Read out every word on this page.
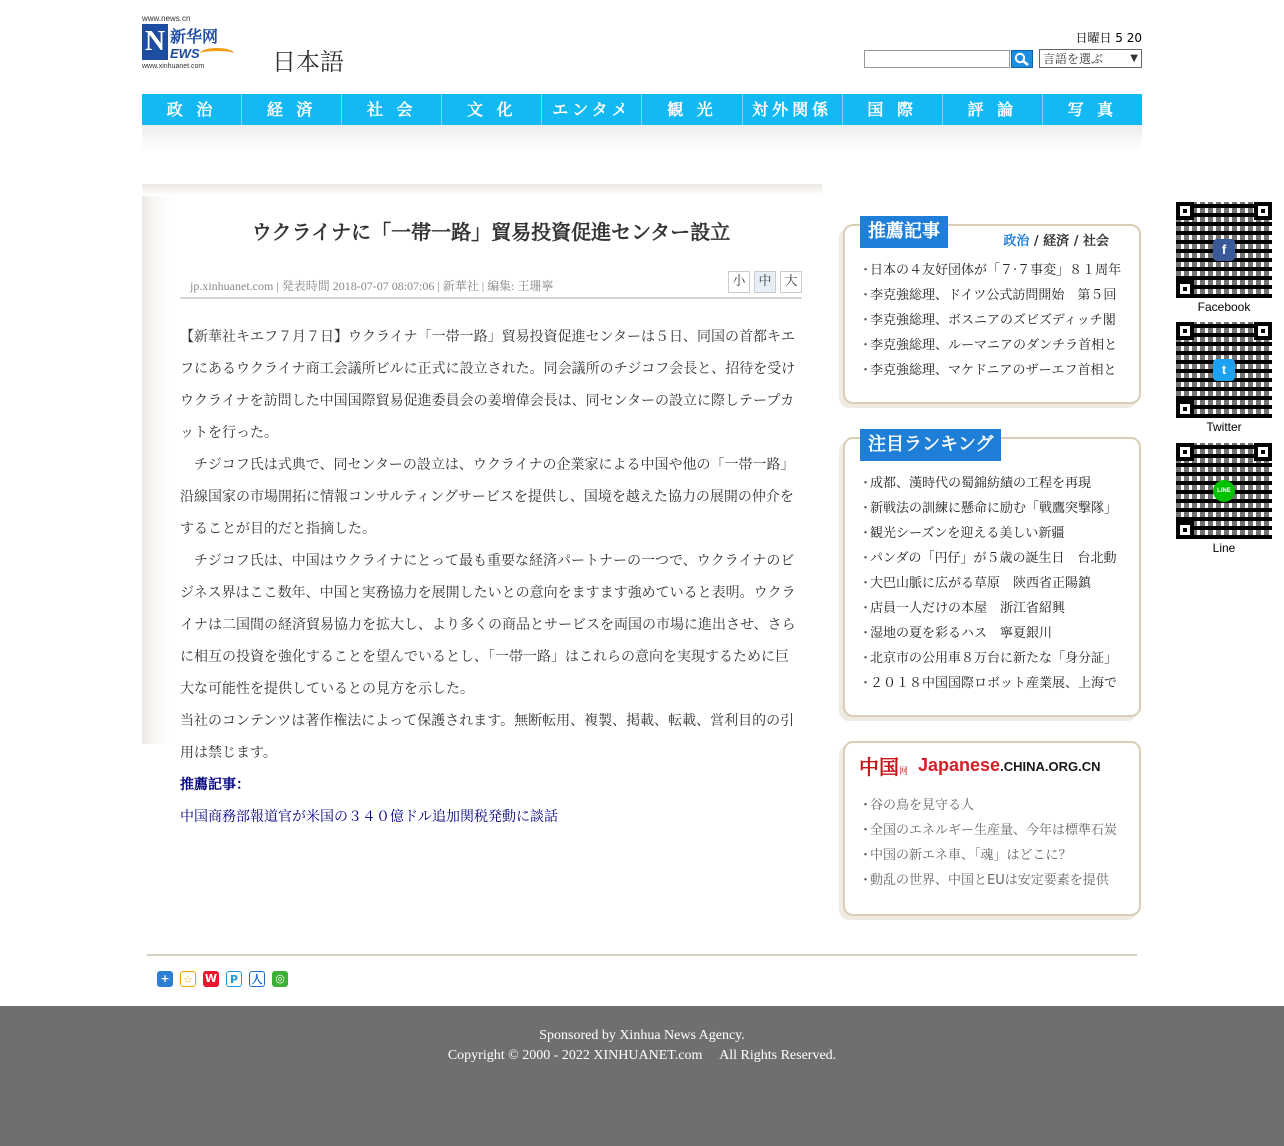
www.news.cn
N 新华网
EWS
www.xinhuanet.com	日本語
日曜日 5 20
言語を選ぶ	▼
政 治	経 済	社 会	文 化	エンタメ	観 光	対外関係	国 際	評 論	写 真
ウクライナに「一帯一路」貿易投資促進センター設立
jp.xinhuanet.com | 発表時間 2018-07-07 08:07:06 | 新華社 | 編集: 王珊寧	小 中 大

【新華社キエフ７月７日】ウクライナ「一帯一路」貿易投資促進センターは５日、同国の首都キエフにあるウクライナ商工会議所ビルに正式に設立された。同会議所のチジコフ会長と、招待を受けウクライナを訪問した中国国際貿易促進委員会の姜増偉会長は、同センターの設立に際しテープカットを行った。

　チジコフ氏は式典で、同センターの設立は、ウクライナの企業家による中国や他の「一帯一路」沿線国家の市場開拓に情報コンサルティングサービスを提供し、国境を越えた協力の展開の仲介をすることが目的だと指摘した。

　チジコフ氏は、中国はウクライナにとって最も重要な経済パートナーの一つで、ウクライナのビジネス界はここ数年、中国と実務協力を展開したいとの意向をますます強めていると表明。ウクライナは二国間の経済貿易協力を拡大し、より多くの商品とサービスを両国の市場に進出させ、さらに相互の投資を強化することを望んでいるとし、「一帯一路」はこれらの意向を実現するために巨大な可能性を提供しているとの見方を示した。

当社のコンテンツは著作権法によって保護されます。無断転用、複製、掲載、転載、営利目的の引用は禁じます。

推薦記事：

中国商務部報道官が米国の３４０億ドル追加関税発動に談話

推薦記事	政治 / 経済 / 社会
・ 日本の４友好団体が「７·７事変」８１周年
・ 李克強総理、ドイツ公式訪問開始　第５回
・ 李克強総理、ボスニアのズビズディッチ閣
・ 李克強総理、ルーマニアのダンチラ首相と
・ 李克強総理、マケドニアのザーエフ首相と
注目ランキング
・ 成都、漢時代の蜀錦紡績の工程を再現
・ 新戦法の訓練に懸命に励む「戦鷹突撃隊」
・ 観光シーズンを迎える美しい新疆
・ パンダの「円仔」が５歳の誕生日　台北動
・ 大巴山脈に広がる草原　陝西省正陽鎮
・ 店員一人だけの本屋　浙江省紹興
・ 湿地の夏を彩るハス　寧夏銀川
・ 北京市の公用車８万台に新たな「身分証」
・ ２０１８中国国際ロボット産業展、上海で
中国网 Japanese.CHINA.ORG.CN
・ 谷の鳥を見守る人
・ 全国のエネルギー生産量、今年は標準石炭
・ 中国の新エネ車、「魂」はどこに？
・ 動乱の世界、中国とEUは安定要素を提供
f
Facebook
t
Twitter
LINE
Line
+	☆ W	P	人 ◎
Sponsored by Xinhua News Agency.
Copyright © 2000 - 2022 XINHUANET.com　 All Rights Reserved.
